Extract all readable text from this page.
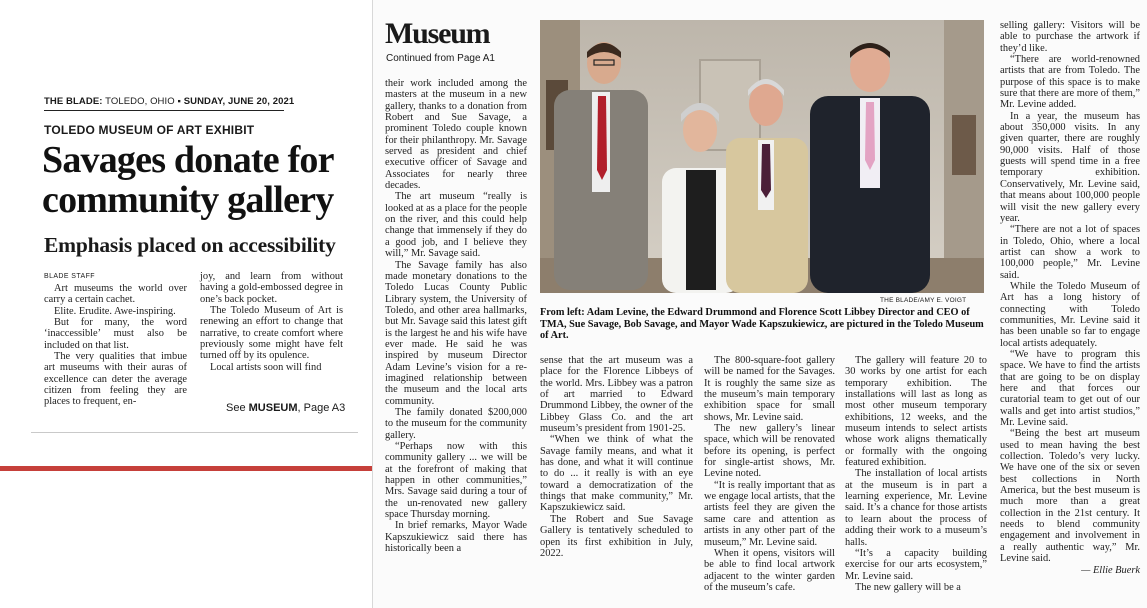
THE BLADE: TOLEDO, OHIO ▪ SUNDAY, JUNE 20, 2021
TOLEDO MUSEUM OF ART EXHIBIT
Savages donate for community gallery
Emphasis placed on accessibility
BLADE STAFF

Art museums the world over carry a certain cachet.

Elite. Erudite. Awe-inspiring.

But for many, the word ‘inaccessible’ must also be included on that list.

The very qualities that imbue art museums with their auras of excellence can deter the average citizen from feeling they are places to frequent, en-

joy, and learn from without having a gold-embossed degree in one’s back pocket.

The Toledo Museum of Art is renewing an effort to change that narrative, to create comfort where previously some might have felt turned off by its opulence.

Local artists soon will find

See MUSEUM, Page A3
Museum
Continued from Page A1

their work included among the masters at the museum in a new gallery, thanks to a donation from Robert and Sue Savage, a prominent Toledo couple known for their philanthropy. Mr. Savage served as president and chief executive officer of Savage and Associates for nearly three decades.

The art museum “really is looked at as a place for the people on the river, and this could help change that immensely if they do a good job, and I believe they will,” Mr. Savage said.

The Savage family has also made monetary donations to the Toledo Lucas County Public Library system, the University of Toledo, and other area hallmarks, but Mr. Savage said this latest gift is the largest he and his wife have ever made. He said he was inspired by museum Director Adam Levine’s vision for a re-imagined relationship between the museum and the local arts community.

The family donated $200,000 to the museum for the community gallery.

“Perhaps now with this community gallery ... we will be at the forefront of making that happen in other communities,” Mrs. Savage said during a tour of the un-renovated new gallery space Thursday morning.

In brief remarks, Mayor Wade Kapszukiewicz said there has historically been a

THE BLADE/AMY E. VOIGT
From left: Adam Levine, the Edward Drummond and Florence Scott Libbey Director and CEO of TMA, Sue Savage, Bob Savage, and Mayor Wade Kapszukiewicz, are pictured in the Toledo Museum of Art.

sense that the art museum was a place for the Florence Libbeys of the world. Mrs. Libbey was a patron of art married to Edward Drummond Libbey, the owner of the Libbey Glass Co. and the art museum’s president from 1901-25.

“When we think of what the Savage family means, and what it has done, and what it will continue to do ... it really is with an eye toward a democratization of the things that make community,” Mr. Kapszukiewicz said.

The Robert and Sue Savage Gallery is tentatively scheduled to open its first exhibition in July, 2022.

The 800-square-foot gallery will be named for the Savages. It is roughly the same size as the museum’s main temporary exhibition space for small shows, Mr. Levine said.

The new gallery’s linear space, which will be renovated before its opening, is perfect for single-artist shows, Mr. Levine noted.

“It is really important that as we engage local artists, that the artists feel they are given the same care and attention as artists in any other part of the museum,” Mr. Levine said.

When it opens, visitors will be able to find local artwork adjacent to the winter garden of the museum’s cafe.

The gallery will feature 20 to 30 works by one artist for each temporary exhibition. The installations will last as long as most other museum temporary exhibitions, 12 weeks, and the museum intends to select artists whose work aligns thematically or formally with the ongoing featured exhibition.

The installation of local artists at the museum is in part a learning experience, Mr. Levine said. It’s a chance for those artists to learn about the process of adding their work to a museum’s halls.

“It’s a capacity building exercise for our arts ecosystem,” Mr. Levine said.

The new gallery will be a

selling gallery: Visitors will be able to purchase the artwork if they’d like.

“There are world-renowned artists that are from Toledo. The purpose of this space is to make sure that there are more of them,” Mr. Levine added.

In a year, the museum has about 350,000 visits. In any given quarter, there are roughly 90,000 visits. Half of those guests will spend time in a free temporary exhibition. Conservatively, Mr. Levine said, that means about 100,000 people will visit the new gallery every year.

“There are not a lot of spaces in Toledo, Ohio, where a local artist can show a work to 100,000 people,” Mr. Levine said.

While the Toledo Museum of Art has a long history of connecting with Toledo communities, Mr. Levine said it has been unable so far to engage local artists adequately.

“We have to program this space. We have to find the artists that are going to be on display here and that forces our curatorial team to get out of our walls and get into artist studios,” Mr. Levine said.

“Being the best art museum used to mean having the best collection. Toledo’s very lucky. We have one of the six or seven best collections in North America, but the best museum is much more than a great collection in the 21st century. It needs to blend community engagement and involvement in a really authentic way,” Mr. Levine said.

— Ellie Buerk
